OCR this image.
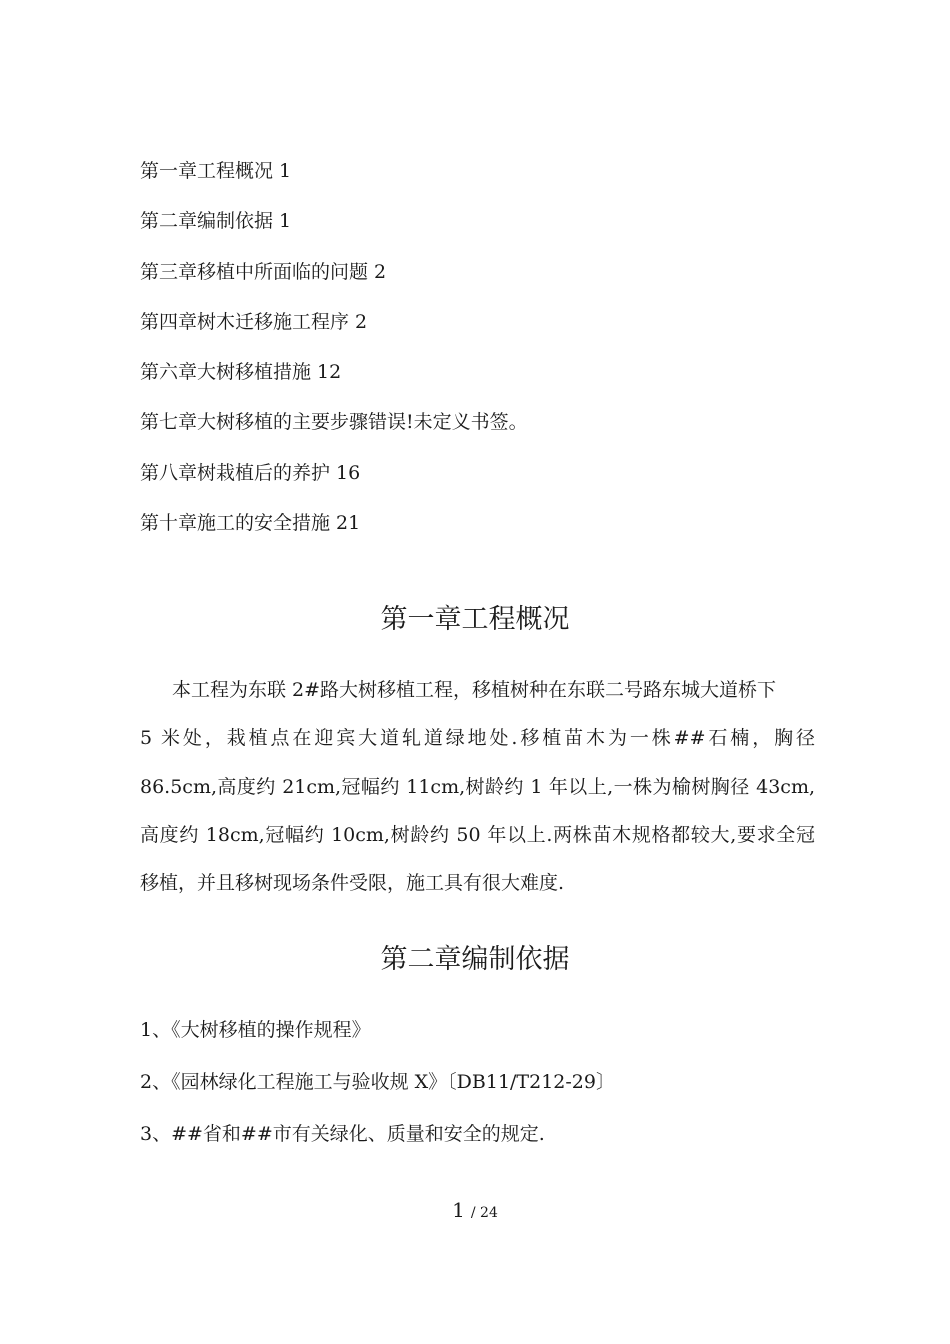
第一章工程概况 1
第二章编制依据 1
第三章移植中所面临的问题 2
第四章树木迁移施工程序 2
第六章大树移植措施 12
第七章大树移植的主要步骤错误!未定义书签。
第八章树栽植后的养护 16
第十章施工的安全措施 21
第一章工程概况
本工程为东联 2#路大树移植工程，移植树种在东联二号路东城大道桥下
5 米处，栽植点在迎宾大道轧道绿地处.移植苗木为一株##石楠，胸径
86.5cm,高度约 21cm,冠幅约 11cm,树龄约 1 年以上,一株为榆树胸径 43cm,
高度约 18cm,冠幅约 10cm,树龄约 50 年以上.两株苗木规格都较大,要求全冠
移植，并且移树现场条件受限，施工具有很大难度.
第二章编制依据
1、《大树移植的操作规程》
2、《园林绿化工程施工与验收规 X》〔DB11/T212-29〕
3、##省和##市有关绿化、质量和安全的规定.
1 / 24
